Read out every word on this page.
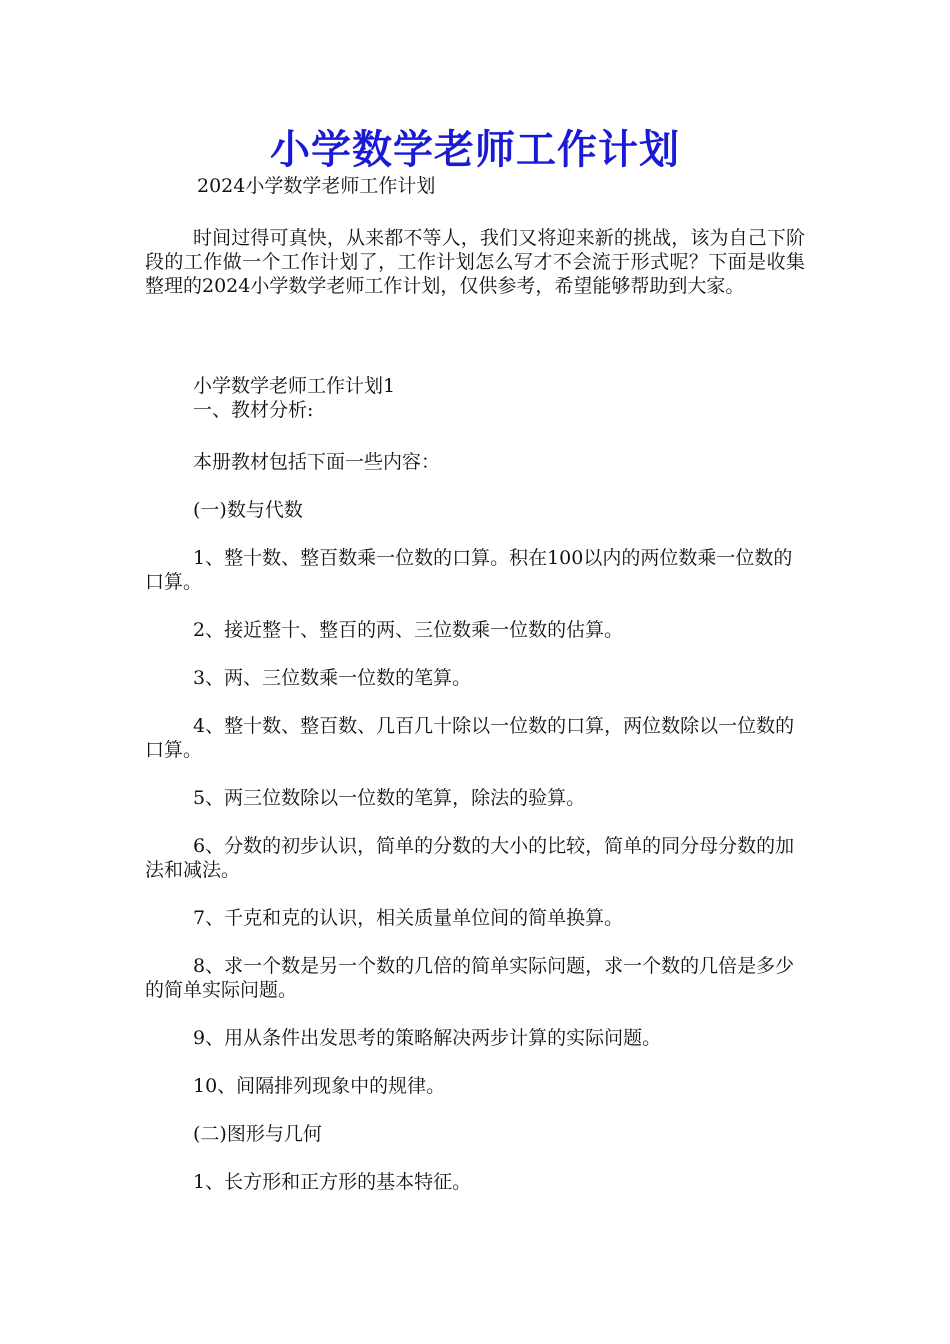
小学数学老师工作计划
2024小学数学老师工作计划

时间过得可真快，从来都不等人，我们又将迎来新的挑战，该为自己下阶段的工作做一个工作计划了，工作计划怎么写才不会流于形式呢？下面是收集整理的2024小学数学老师工作计划，仅供参考，希望能够帮助到大家。

小学数学老师工作计划1

一、教材分析:

本册教材包括下面一些内容：

(一)数与代数

1、整十数、整百数乘一位数的口算。积在100以内的两位数乘一位数的口算。

2、接近整十、整百的两、三位数乘一位数的估算。

3、两、三位数乘一位数的笔算。

4、整十数、整百数、几百几十除以一位数的口算，两位数除以一位数的口算。

5、两三位数除以一位数的笔算，除法的验算。

6、分数的初步认识，简单的分数的大小的比较，简单的同分母分数的加法和减法。

7、千克和克的认识，相关质量单位间的简单换算。

8、求一个数是另一个数的几倍的简单实际问题，求一个数的几倍是多少的简单实际问题。

9、用从条件出发思考的策略解决两步计算的实际问题。

10、间隔排列现象中的规律。

(二)图形与几何

1、长方形和正方形的基本特征。
